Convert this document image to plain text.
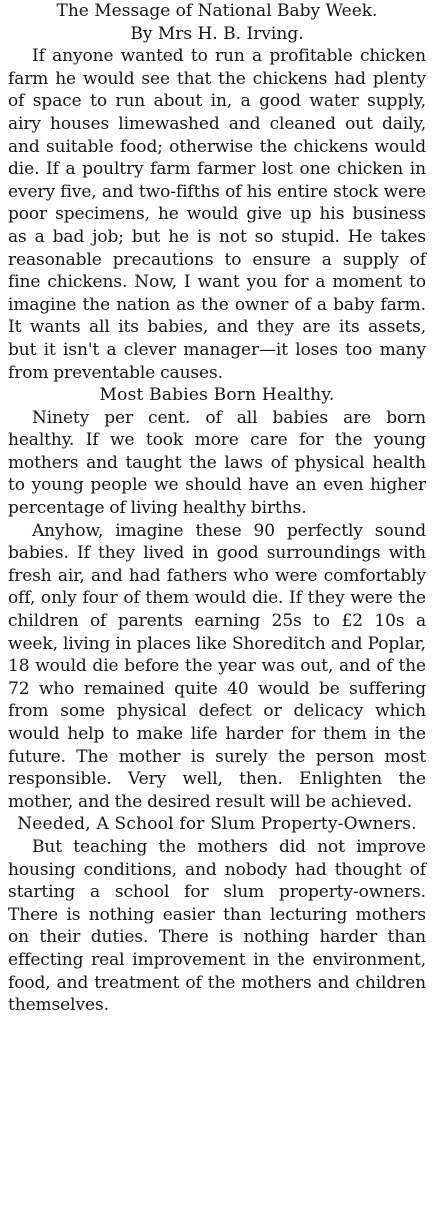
The Message of National Baby Week.
By Mrs H. B. Irving.

If anyone wanted to run a profitable chicken farm he would see that the chickens had plenty of space to run about in, a good water supply, airy houses limewashed and cleaned out daily, and suitable food; otherwise the chickens would die. If a poultry farm farmer lost one chicken in every five, and two-fifths of his entire stock were poor specimens, he would give up his business as a bad job; but he is not so stupid. He takes reasonable precautions to ensure a supply of fine chickens. Now, I want you for a moment to imagine the nation as the owner of a baby farm. It wants all its babies, and they are its assets, but it isn't a clever manager—it loses too many from preventable causes.

Most Babies Born Healthy.

Ninety per cent. of all babies are born healthy. If we took more care for the young mothers and taught the laws of physical health to young people we should have an even higher percentage of living healthy births.

Anyhow, imagine these 90 perfectly sound babies. If they lived in good surroundings with fresh air, and had fathers who were comfortably off, only four of them would die. If they were the children of parents earning 25s to £2 10s a week, living in places like Shoreditch and Poplar, 18 would die before the year was out, and of the 72 who remained quite 40 would be suffering from some physical defect or delicacy which would help to make life harder for them in the future. The mother is surely the person most responsible. Very well, then. Enlighten the mother, and the desired result will be achieved.

Needed, A School for Slum Property-Owners.

But teaching the mothers did not improve housing conditions, and nobody had thought of starting a school for slum property-owners. There is nothing easier than lecturing mothers on their duties. There is nothing harder than effecting real improvement in the environment, food, and treatment of the mothers and children themselves.
